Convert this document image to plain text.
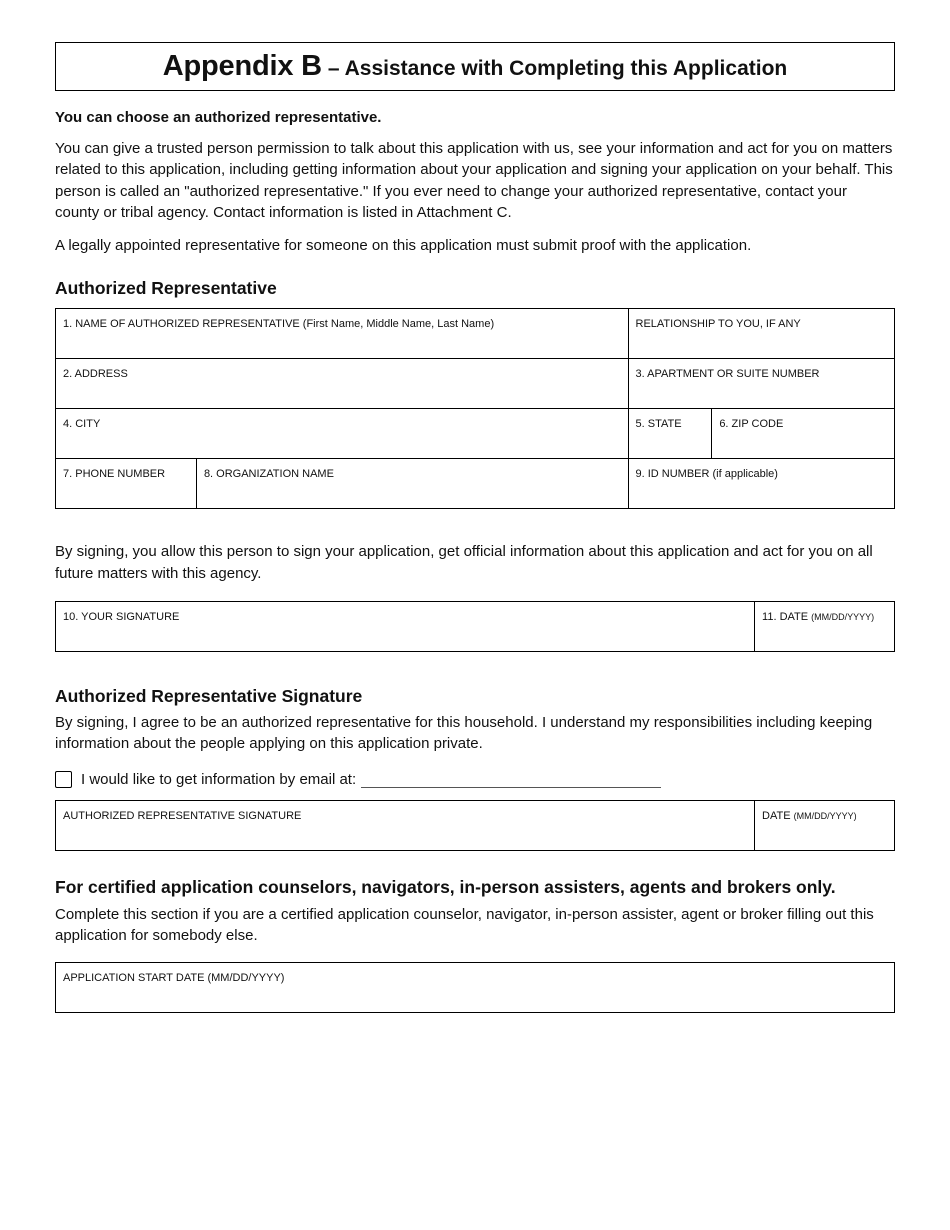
Appendix B – Assistance with Completing this Application
You can choose an authorized representative.

You can give a trusted person permission to talk about this application with us, see your information and act for you on matters related to this application, including getting information about your application and signing your application on your behalf. This person is called an "authorized representative." If you ever need to change your authorized representative, contact your county or tribal agency. Contact information is listed in Attachment C.

A legally appointed representative for someone on this application must submit proof with the application.

Authorized Representative
1. NAME OF AUTHORIZED REPRESENTATIVE (First Name, Middle Name, Last Name)	RELATIONSHIP TO YOU, IF ANY
2. ADDRESS	3. APARTMENT OR SUITE NUMBER
4. CITY	5. STATE	6. ZIP CODE
7. PHONE NUMBER	8. ORGANIZATION NAME	9. ID NUMBER (if applicable)

By signing, you allow this person to sign your application, get official information about this application and act for you on all future matters with this agency.

10. YOUR SIGNATURE	11. DATE (MM/DD/YYYY)
Authorized Representative Signature

By signing, I agree to be an authorized representative for this household. I understand my responsibilities including keeping information about the people applying on this application private.

I would like to get information by email at:
AUTHORIZED REPRESENTATIVE SIGNATURE	DATE (MM/DD/YYYY)
For certified application counselors, navigators, in-person assisters, agents and brokers only.

Complete this section if you are a certified application counselor, navigator, in-person assister, agent or broker filling out this application for somebody else.

APPLICATION START DATE (MM/DD/YYYY)
